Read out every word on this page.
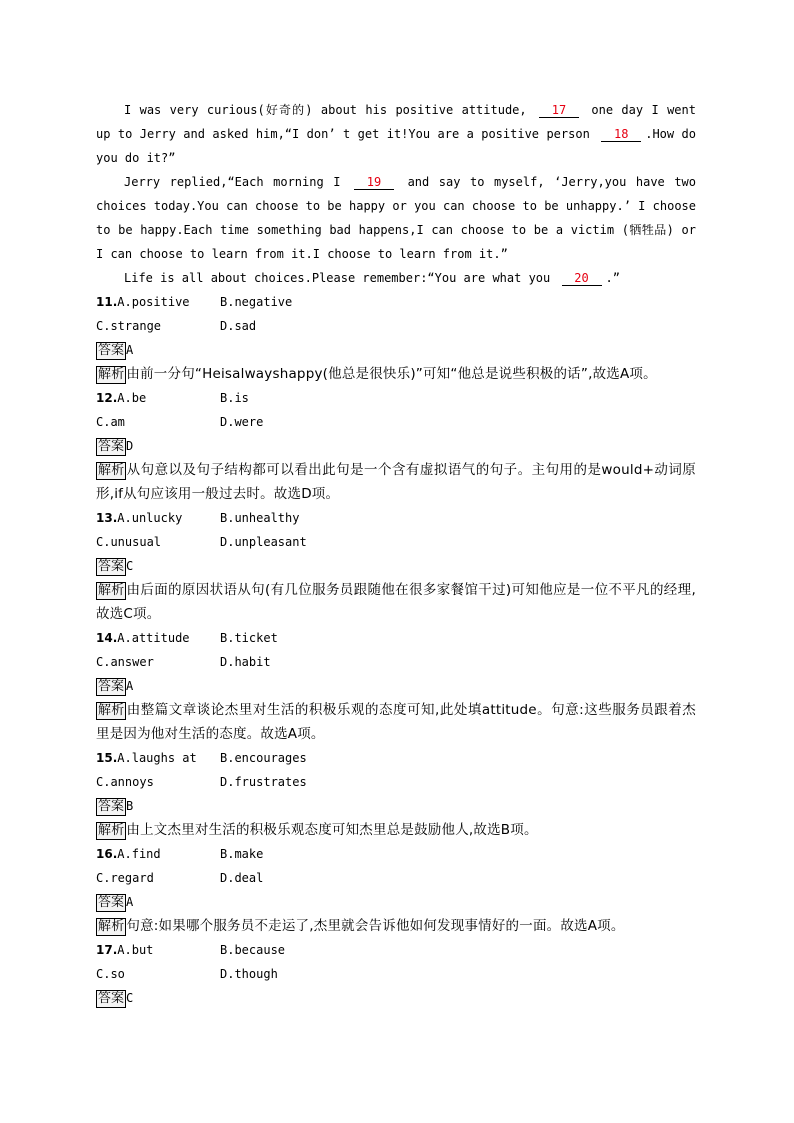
I was very curious(好奇的) about his positive attitude, 17 one day I went up to Jerry and asked him,“I don’ t get it!You are a positive person 18 .How do you do it?”

Jerry replied,“Each morning I 19 and say to myself, ‘Jerry,you have two choices today.You can choose to be happy or you can choose to be unhappy.’ I choose to be happy.Each time something bad happens,I can choose to be a victim (牺牲品) or I can choose to learn from it.I choose to learn from it.”

Life is all about choices.Please remember:“You are what you 20 .”

11.A.positive	B.negative
C.strange	D.sad
答案 A

解析 由前一分句“Heisalwayshappy(他总是很快乐)”可知“他总是说些积极的话”,故选A项。

12.A.be	B.is
C.am	D.were
答案 D

解析 从句意以及句子结构都可以看出此句是一个含有虚拟语气的句子。主句用的是would+动词原形,if从句应该用一般过去时。故选D项。

13.A.unlucky	B.unhealthy
C.unusual	D.unpleasant
答案 C

解析 由后面的原因状语从句(有几位服务员跟随他在很多家餐馆干过)可知他应是一位不平凡的经理,故选C项。

14.A.attitude	B.ticket
C.answer	D.habit
答案 A

解析 由整篇文章谈论杰里对生活的积极乐观的态度可知,此处填attitude。句意:这些服务员跟着杰里是因为他对生活的态度。故选A项。

15.A.laughs at B.encourages
C.annoys	D.frustrates
答案 B

解析 由上文杰里对生活的积极乐观态度可知杰里总是鼓励他人,故选B项。

16.A.find	B.make
C.regard	D.deal
答案 A

解析 句意:如果哪个服务员不走运了,杰里就会告诉他如何发现事情好的一面。故选A项。

17.A.but	B.because
C.so	D.though
答案 C
